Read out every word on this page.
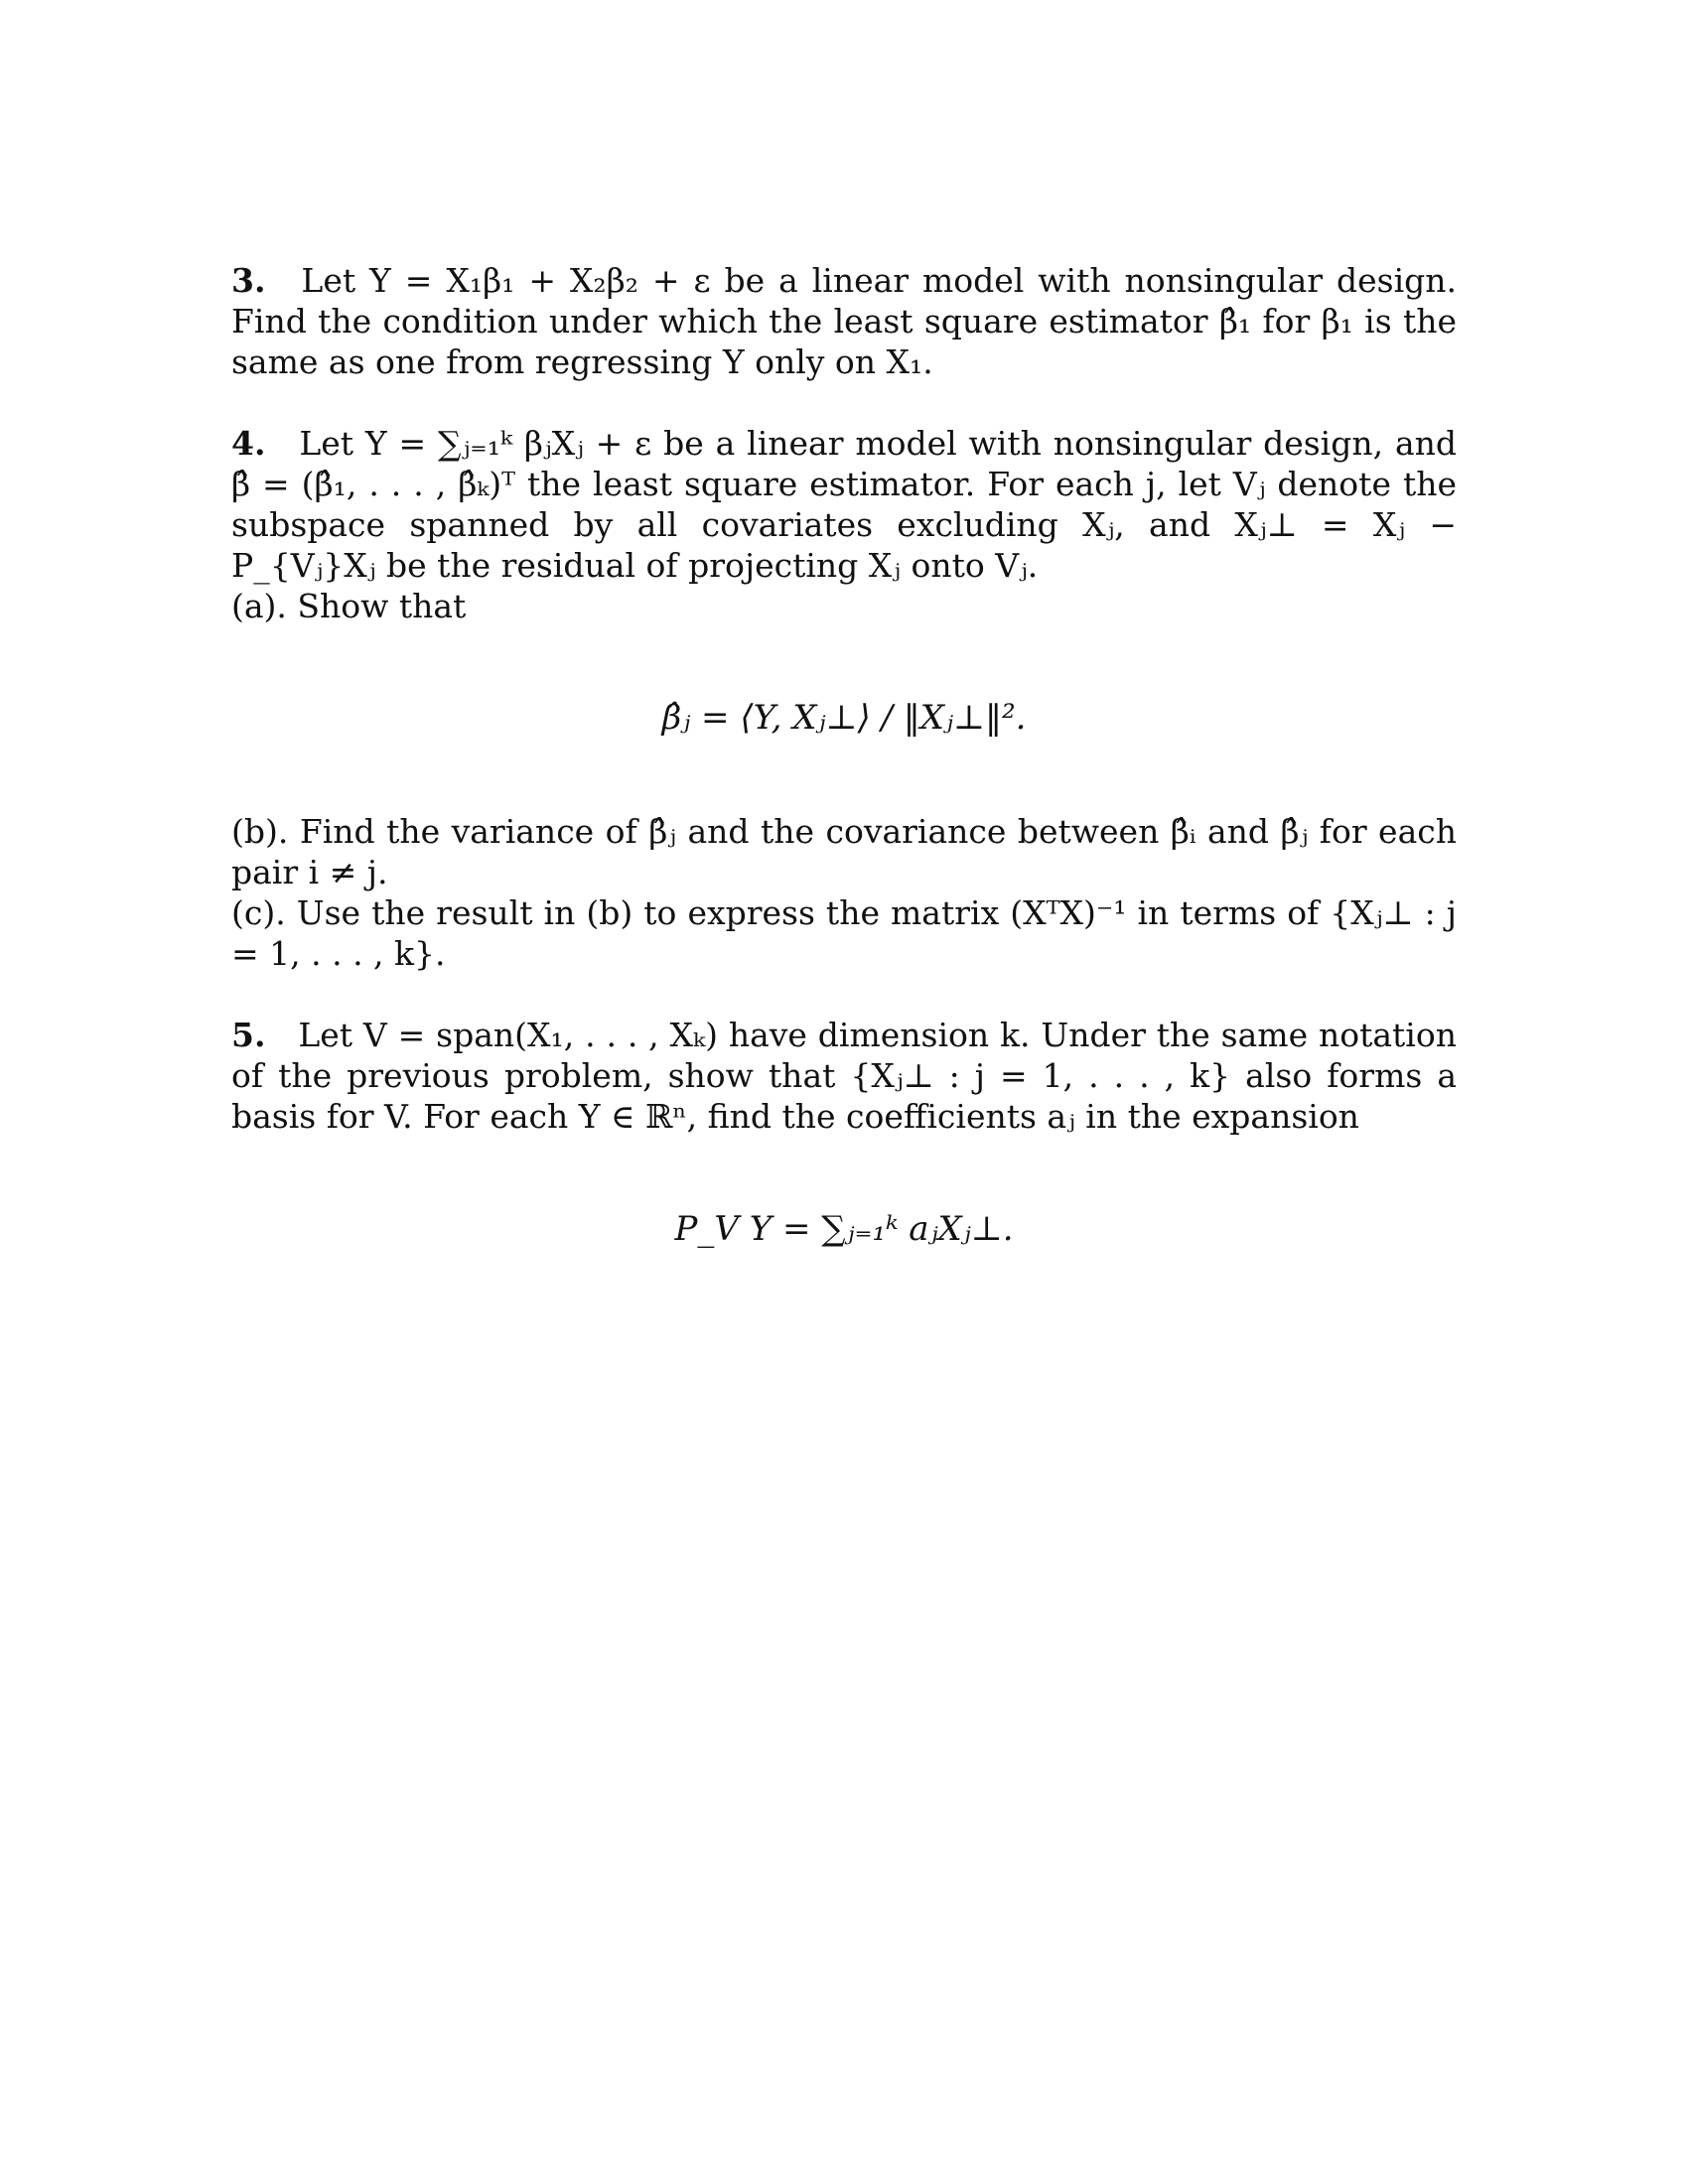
3. Let Y = X₁β₁ + X₂β₂ + ε be a linear model with nonsingular design. Find the condition under which the least square estimator β̂₁ for β₁ is the same as one from regressing Y only on X₁.

4. Let Y = ∑ⱼ₌₁ᵏ βⱼXⱼ + ε be a linear model with nonsingular design, and β̂ = (β̂₁, . . . , β̂ₖ)ᵀ the least square estimator. For each j, let Vⱼ denote the subspace spanned by all covariates excluding Xⱼ, and Xⱼ⊥ = Xⱼ − P_{Vⱼ}Xⱼ be the residual of projecting Xⱼ onto Vⱼ.

(a). Show that

β̂ⱼ = ⟨Y, Xⱼ⊥⟩ / ‖Xⱼ⊥‖².

(b). Find the variance of β̂ⱼ and the covariance between β̂ᵢ and β̂ⱼ for each pair i ≠ j.

(c). Use the result in (b) to express the matrix (XᵀX)⁻¹ in terms of {Xⱼ⊥ : j = 1, . . . , k}.

5. Let V = span(X₁, . . . , Xₖ) have dimension k. Under the same notation of the previous problem, show that {Xⱼ⊥ : j = 1, . . . , k} also forms a basis for V. For each Y ∈ ℝⁿ, find the coefficients aⱼ in the expansion

P_V Y = ∑ⱼ₌₁ᵏ aⱼXⱼ⊥.
